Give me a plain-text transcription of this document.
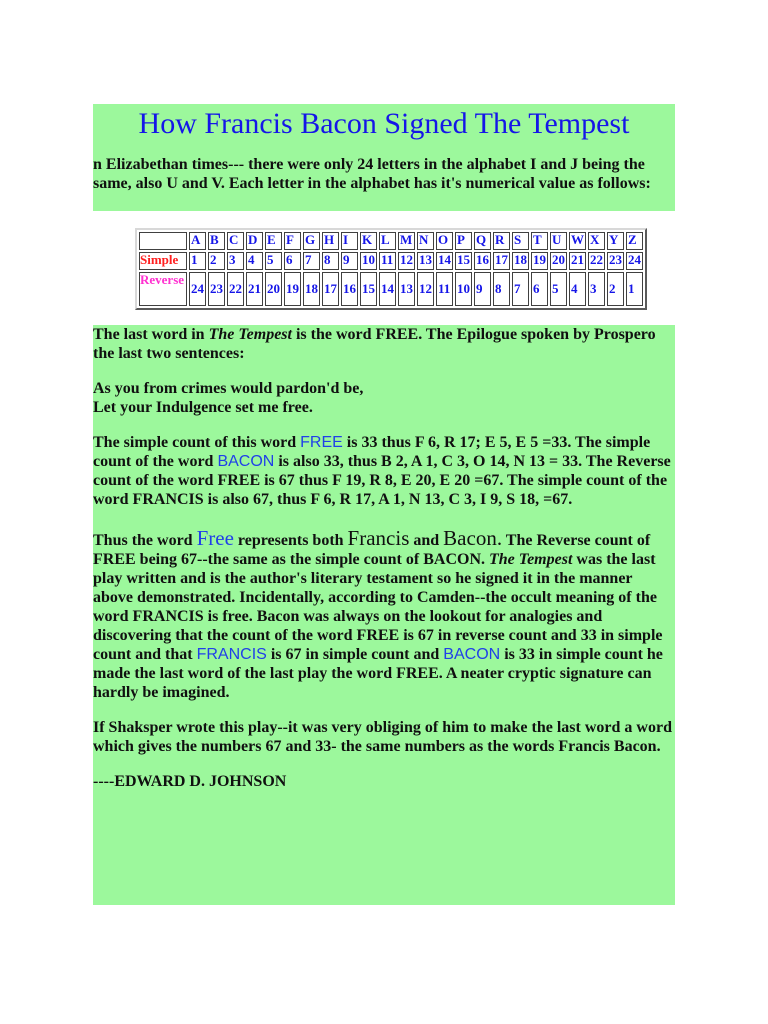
How Francis Bacon Signed The Tempest

n Elizabethan times--- there were only 24 letters in the alphabet I and J being the same, also U and V. Each letter in the alphabet has it's numerical value as follows:

	A	B	C	D	E	F	G	H	I	K	L	M	N	O	P	Q	R	S	T	U	W	X	Y	Z
Simple	1	2	3	4	5	6	7	8	9	10	11	12	13	14	15	16	17	18	19	20	21	22	23	24
Reverse	24	23	22	21	20	19	18	17	16	15	14	13	12	11	10	9	8	7	6	5	4	3	2	1

The last word in The Tempest is the word FREE. The Epilogue spoken by Prospero the last two sentences:

As you from crimes would pardon'd be,
Let your Indulgence set me free.

The simple count of this word FREE is 33 thus F 6, R 17; E 5, E 5 =33. The simple count of the word BACON is also 33, thus B 2, A 1, C 3, O 14, N 13 = 33. The Reverse count of the word FREE is 67 thus F 19, R 8, E 20, E 20 =67. The simple count of the word FRANCIS is also 67, thus F 6, R 17, A 1, N 13, C 3, I 9, S 18, =67.

Thus the word Free represents both Francis and Bacon. The Reverse count of FREE being 67--the same as the simple count of BACON. The Tempest was the last play written and is the author's literary testament so he signed it in the manner above demonstrated. Incidentally, according to Camden--the occult meaning of the word FRANCIS is free. Bacon was always on the lookout for analogies and discovering that the count of the word FREE is 67 in reverse count and 33 in simple count and that FRANCIS is 67 in simple count and BACON is 33 in simple count he made the last word of the last play the word FREE. A neater cryptic signature can hardly be imagined.

If Shaksper wrote this play--it was very obliging of him to make the last word a word which gives the numbers 67 and 33- the same numbers as the words Francis Bacon.

----EDWARD D. JOHNSON
